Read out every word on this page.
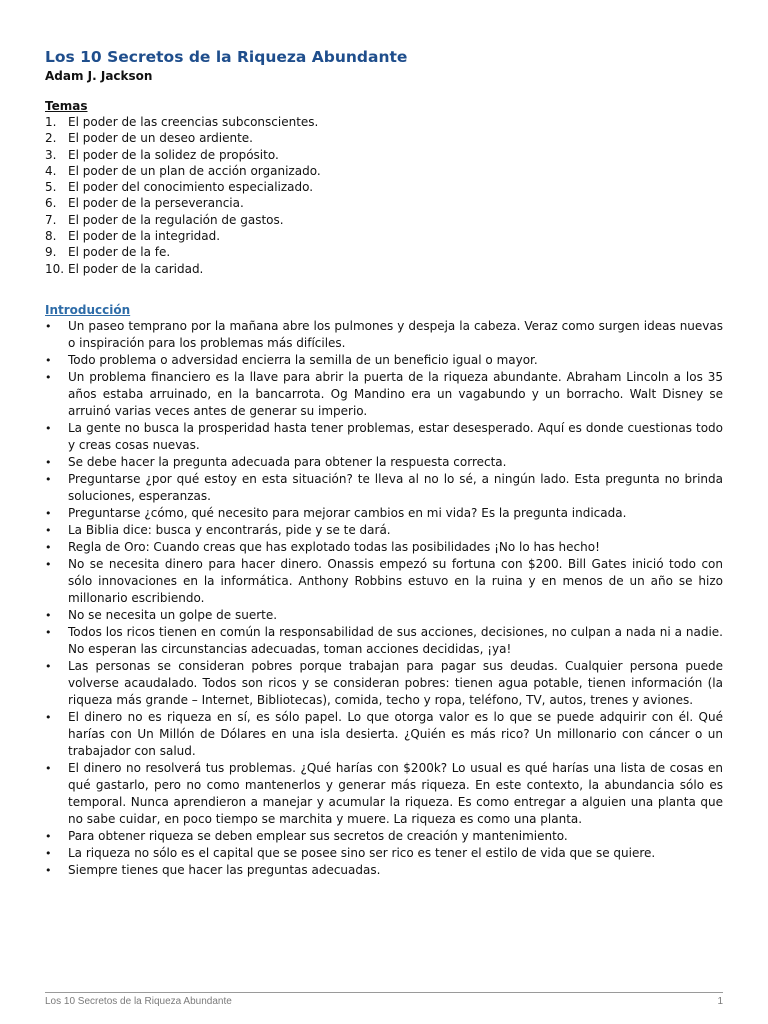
Los 10 Secretos de la Riqueza Abundante

Adam J. Jackson

Temas

1. El poder de las creencias subconscientes.
2. El poder de un deseo ardiente.
3. El poder de la solidez de propósito.
4. El poder de un plan de acción organizado.
5. El poder del conocimiento especializado.
6. El poder de la perseverancia.
7. El poder de la regulación de gastos.
8. El poder de la integridad.
9. El poder de la fe.
10. El poder de la caridad.

Introducción

•	Un paseo temprano por la mañana abre los pulmones y despeja la cabeza. Veraz como surgen ideas nuevas o inspiración para los problemas más difíciles.
•	Todo problema o adversidad encierra la semilla de un beneficio igual o mayor.
•	Un problema financiero es la llave para abrir la puerta de la riqueza abundante. Abraham Lincoln a los 35 años estaba arruinado, en la bancarrota. Og Mandino era un vagabundo y un borracho. Walt Disney se arruinó varias veces antes de generar su imperio.
•	La gente no busca la prosperidad hasta tener problemas, estar desesperado. Aquí es donde cuestionas todo y creas cosas nuevas.
•	Se debe hacer la pregunta adecuada para obtener la respuesta correcta.
•	Preguntarse ¿por qué estoy en esta situación? te lleva al no lo sé, a ningún lado. Esta pregunta no brinda soluciones, esperanzas.
•	Preguntarse ¿cómo, qué necesito para mejorar cambios en mi vida? Es la pregunta indicada.
•	La Biblia dice: busca y encontrarás, pide y se te dará.
•	Regla de Oro: Cuando creas que has explotado todas las posibilidades ¡No lo has hecho!
•	No se necesita dinero para hacer dinero. Onassis empezó su fortuna con $200. Bill Gates inició todo con sólo innovaciones en la informática. Anthony Robbins estuvo en la ruina y en menos de un año se hizo millonario escribiendo.
•	No se necesita un golpe de suerte.
•	Todos los ricos tienen en común la responsabilidad de sus acciones, decisiones, no culpan a nada ni a nadie. No esperan las circunstancias adecuadas, toman acciones decididas, ¡ya!
•	Las personas se consideran pobres porque trabajan para pagar sus deudas. Cualquier persona puede volverse acaudalado. Todos son ricos y se consideran pobres: tienen agua potable, tienen información (la riqueza más grande – Internet, Bibliotecas), comida, techo y ropa, teléfono, TV, autos, trenes y aviones.
•	El dinero no es riqueza en sí, es sólo papel. Lo que otorga valor es lo que se puede adquirir con él. Qué harías con Un Millón de Dólares en una isla desierta. ¿Quién es más rico? Un millonario con cáncer o un trabajador con salud.
•	El dinero no resolverá tus problemas. ¿Qué harías con $200k? Lo usual es qué harías una lista de cosas en qué gastarlo, pero no como mantenerlos y generar más riqueza. En este contexto, la abundancia sólo es temporal. Nunca aprendieron a manejar y acumular la riqueza. Es como entregar a alguien una planta que no sabe cuidar, en poco tiempo se marchita y muere. La riqueza es como una planta.
•	Para obtener riqueza se deben emplear sus secretos de creación y mantenimiento.
•	La riqueza no sólo es el capital que se posee sino ser rico es tener el estilo de vida que se quiere.
•	Siempre tienes que hacer las preguntas adecuadas.
Los 10 Secretos de la Riqueza Abundante	1
